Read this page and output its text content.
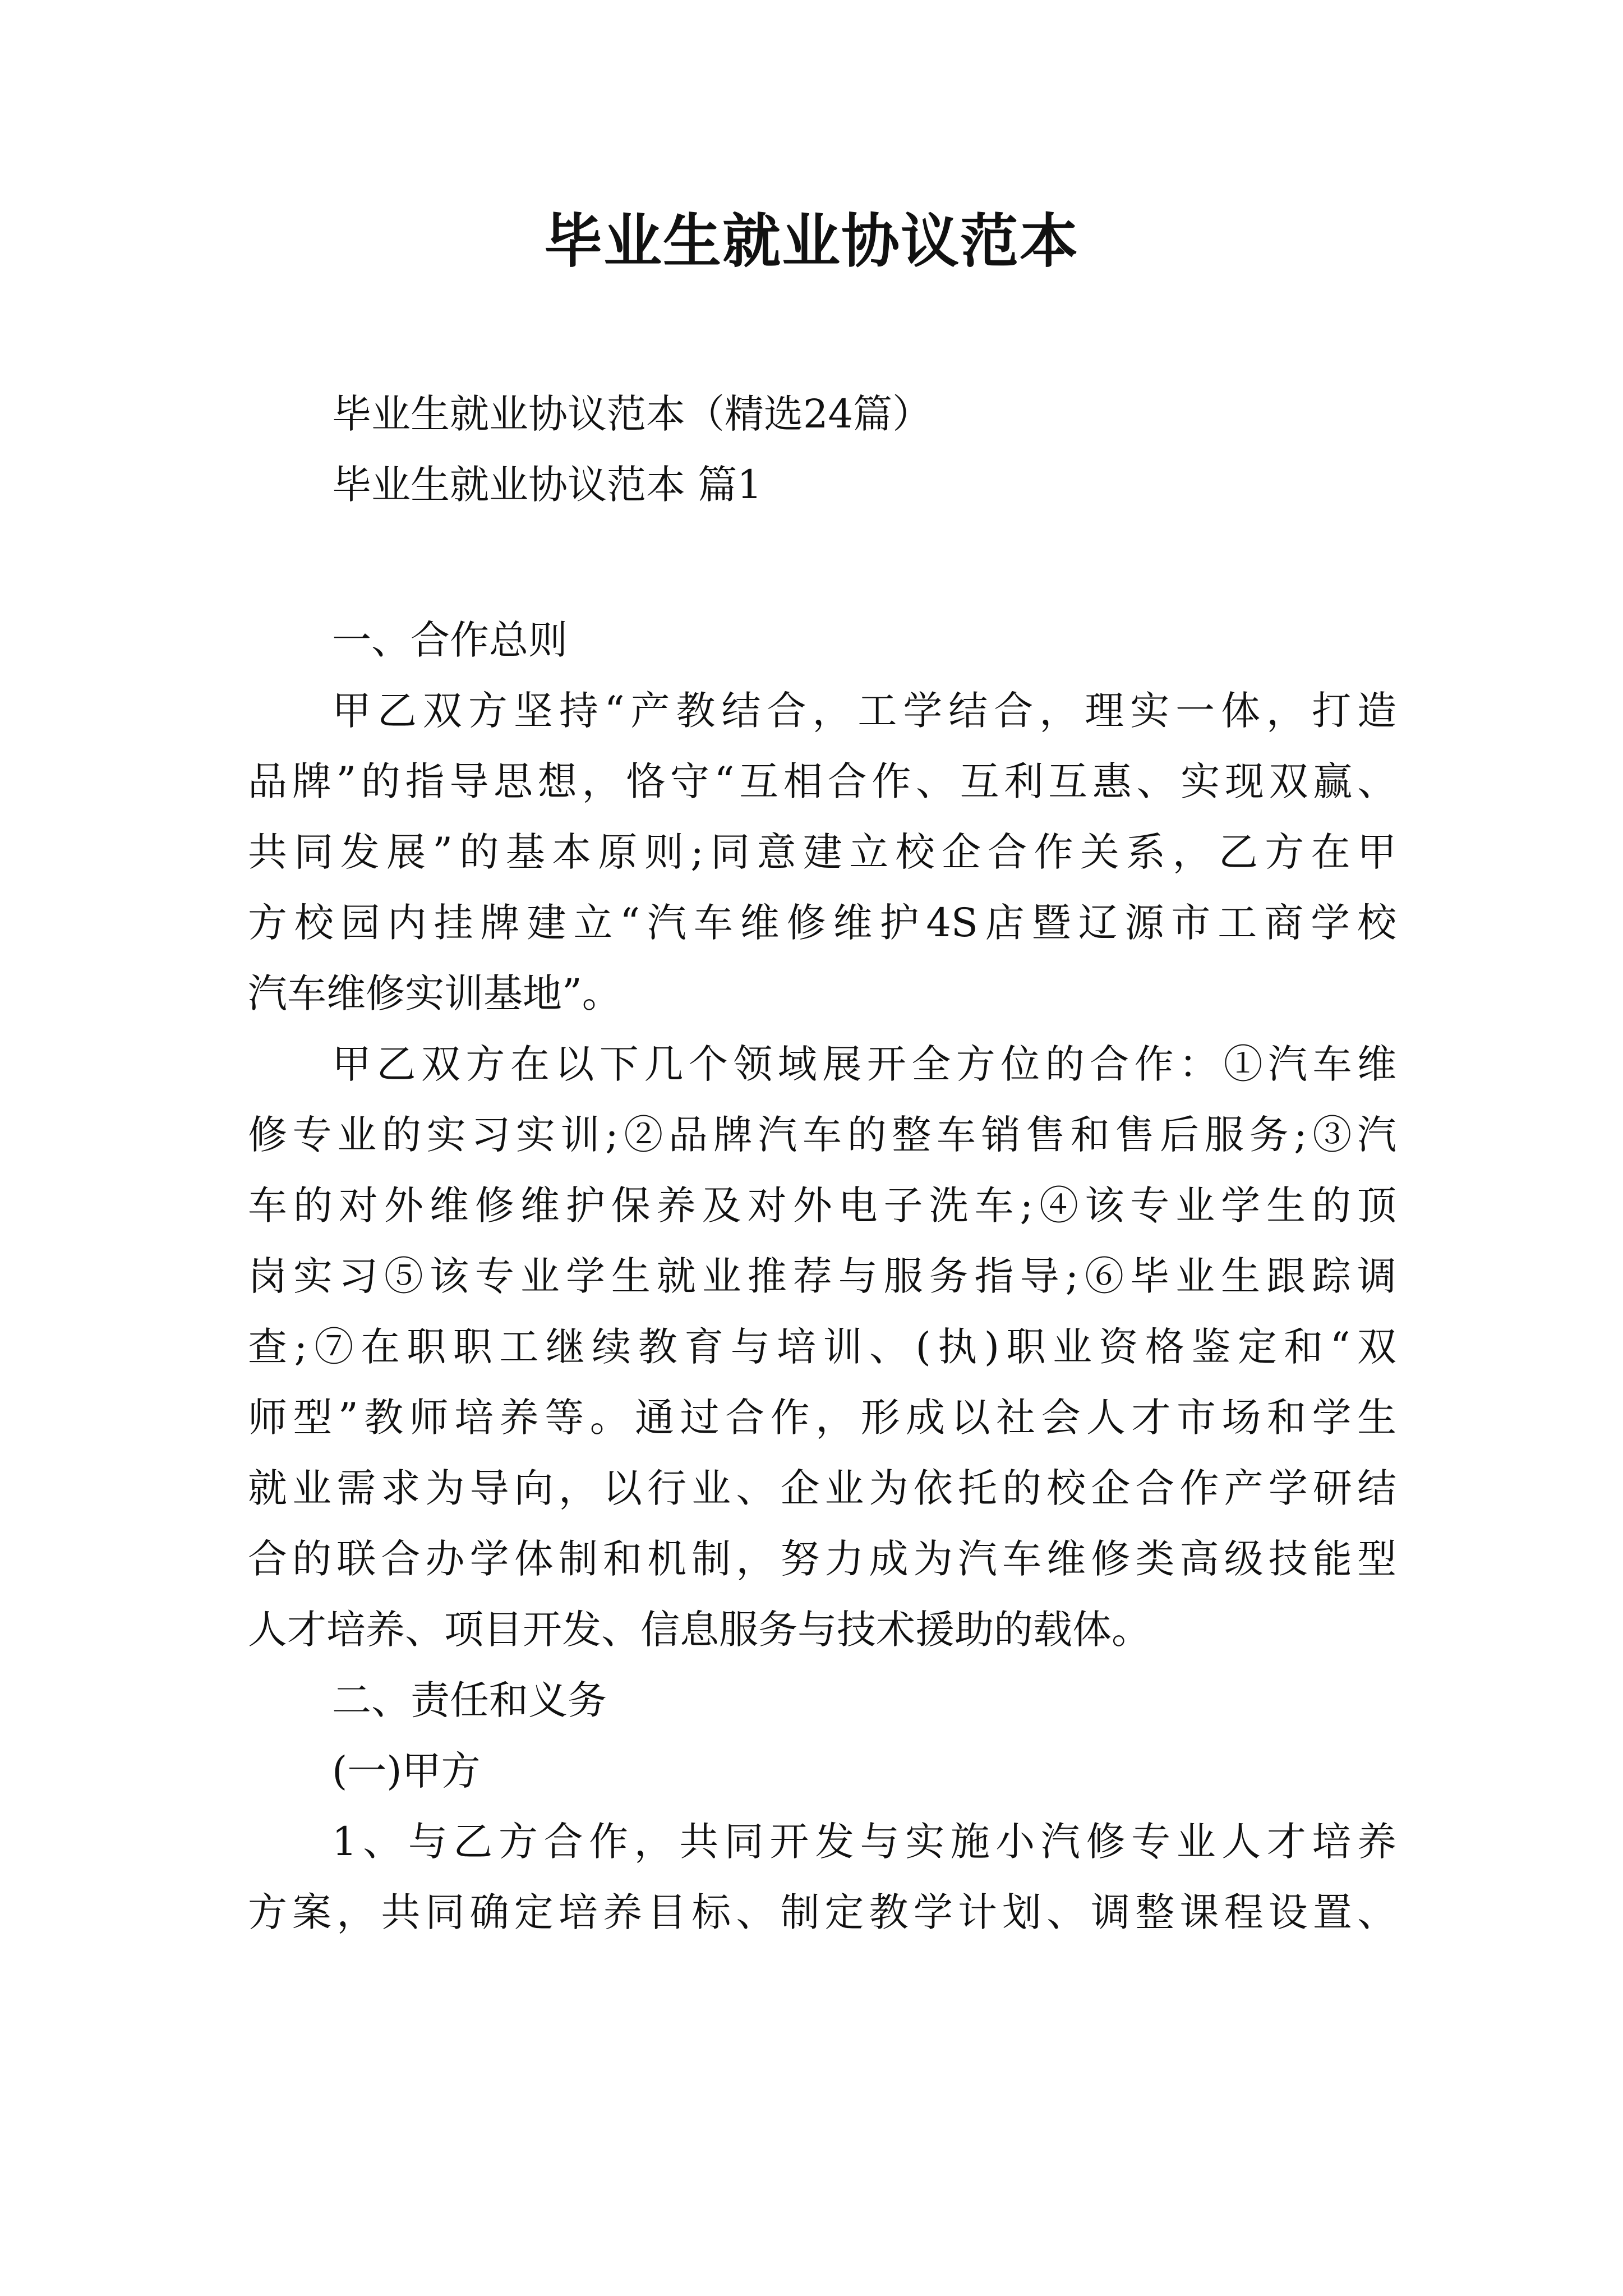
毕业生就业协议范本
毕业生就业协议范本（精选24篇）
毕业生就业协议范本 篇1
一、合作总则
甲乙双方坚持“产教结合，工学结合，理实一体，打造
品牌”的指导思想，恪守“互相合作、互利互惠、实现双赢、
共同发展”的基本原则;同意建立校企合作关系，乙方在甲
方校园内挂牌建立“汽车维修维护4S店暨辽源市工商学校
汽车维修实训基地”。
甲乙双方在以下几个领域展开全方位的合作：①汽车维
修专业的实习实训;②品牌汽车的整车销售和售后服务;③汽
车的对外维修维护保养及对外电子洗车;④该专业学生的顶
岗实习⑤该专业学生就业推荐与服务指导;⑥毕业生跟踪调
查;⑦在职职工继续教育与培训、(执)职业资格鉴定和“双
师型”教师培养等。通过合作，形成以社会人才市场和学生
就业需求为导向，以行业、企业为依托的校企合作产学研结
合的联合办学体制和机制，努力成为汽车维修类高级技能型
人才培养、项目开发、信息服务与技术援助的载体。
二、责任和义务
(一)甲方
1、与乙方合作，共同开发与实施小汽修专业人才培养
方案，共同确定培养目标、制定教学计划、调整课程设置、
